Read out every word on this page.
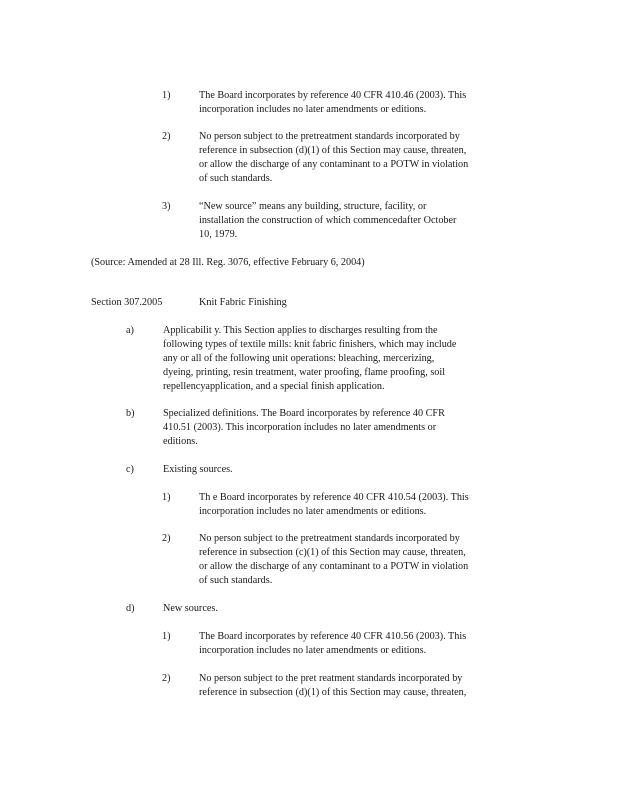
1)	The Board incorporates by reference 40 CFR 410.46 (2003). This
incorporation includes no later amendments or editions.
2)	No person subject to the pretreatment standards incorporated by
reference in subsection (d)(1) of this Section may cause, threaten,
or allow the discharge of any contaminant to a POTW in violation
of such standards.
3)	“New source” means any building, structure, facility, or
installation the construction of which commencedafter October
10, 1979.
(Source: Amended at 28 Ill. Reg. 3076, effective February 6, 2004)
Section 307.2005	Knit Fabric Finishing
a)	Applicabilit y. This Section applies to discharges resulting from the
following types of textile mills: knit fabric finishers, which may include
any or all of the following unit operations: bleaching, mercerizing,
dyeing, printing, resin treatment, water proofing, flame proofing, soil
repellencyapplication, and a special finish application.
b)	Specialized definitions. The Board incorporates by reference 40 CFR
410.51 (2003). This incorporation includes no later amendments or
editions.
c)	Existing sources.
1)	Th e Board incorporates by reference 40 CFR 410.54 (2003). This
incorporation includes no later amendments or editions.
2)	No person subject to the pretreatment standards incorporated by
reference in subsection (c)(1) of this Section may cause, threaten,
or allow the discharge of any contaminant to a POTW in violation
of such standards.
d)	New sources.
1)	The Board incorporates by reference 40 CFR 410.56 (2003). This
incorporation includes no later amendments or editions.
2)	No person subject to the pret reatment standards incorporated by
reference in subsection (d)(1) of this Section may cause, threaten,
